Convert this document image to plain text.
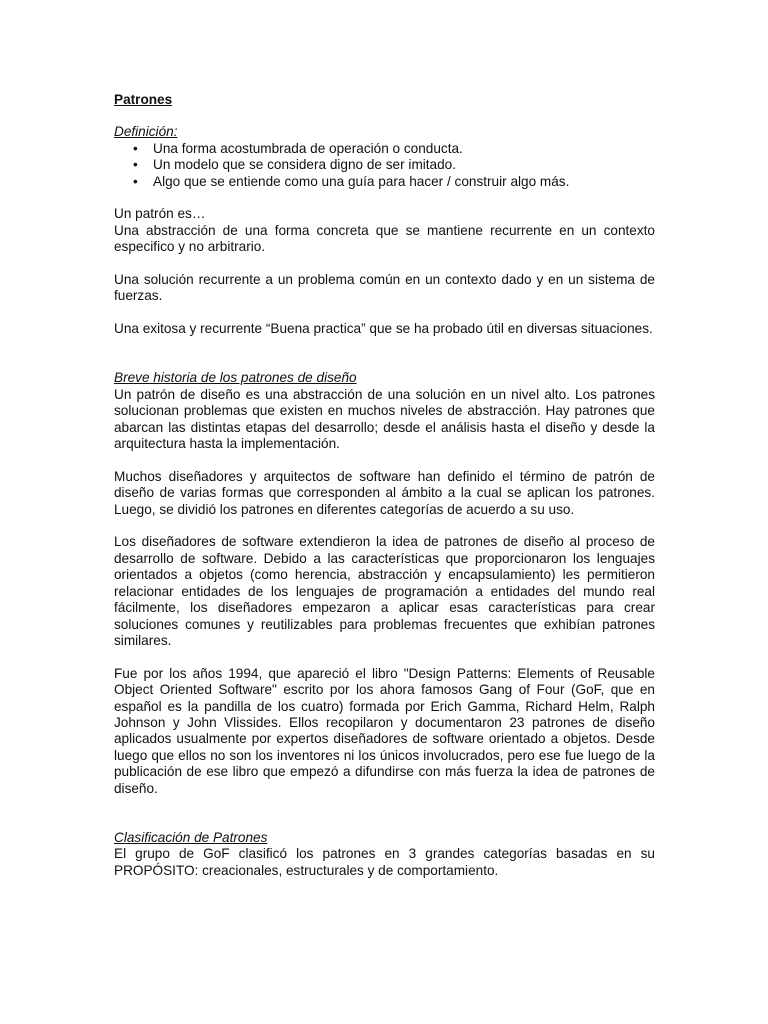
Patrones
Definición:
• Una forma acostumbrada de operación o conducta.
• Un modelo que se considera digno de ser imitado.
• Algo que se entiende como una guía para hacer / construir algo más.

Un patrón es…

Una abstracción de una forma concreta que se mantiene recurrente en un contexto especifico y no arbitrario.

Una solución recurrente a un problema común en un contexto dado y en un sistema de fuerzas.

Una exitosa y recurrente “Buena practica” que se ha probado útil en diversas situaciones.

Breve historia de los patrones de diseño

Un patrón de diseño es una abstracción de una solución en un nivel alto. Los patrones solucionan problemas que existen en muchos niveles de abstracción. Hay patrones que abarcan las distintas etapas del desarrollo; desde el análisis hasta el diseño y desde la arquitectura hasta la implementación.

Muchos diseñadores y arquitectos de software han definido el término de patrón de diseño de varias formas que corresponden al ámbito a la cual se aplican los patrones. Luego, se dividió los patrones en diferentes categorías de acuerdo a su uso.

Los diseñadores de software extendieron la idea de patrones de diseño al proceso de desarrollo de software. Debido a las características que proporcionaron los lenguajes orientados a objetos (como herencia, abstracción y encapsulamiento) les permitieron relacionar entidades de los lenguajes de programación a entidades del mundo real fácilmente, los diseñadores empezaron a aplicar esas características para crear soluciones comunes y reutilizables para problemas frecuentes que exhibían patrones similares.

Fue por los años 1994, que apareció el libro "Design Patterns: Elements of Reusable Object Oriented Software" escrito por los ahora famosos Gang of Four (GoF, que en español es la pandilla de los cuatro) formada por Erich Gamma, Richard Helm, Ralph Johnson y John Vlissides. Ellos recopilaron y documentaron 23 patrones de diseño aplicados usualmente por expertos diseñadores de software orientado a objetos. Desde luego que ellos no son los inventores ni los únicos involucrados, pero ese fue luego de la publicación de ese libro que empezó a difundirse con más fuerza la idea de patrones de diseño.

Clasificación de Patrones

El grupo de GoF clasificó los patrones en 3 grandes categorías basadas en su PROPÓSITO: creacionales, estructurales y de comportamiento.
